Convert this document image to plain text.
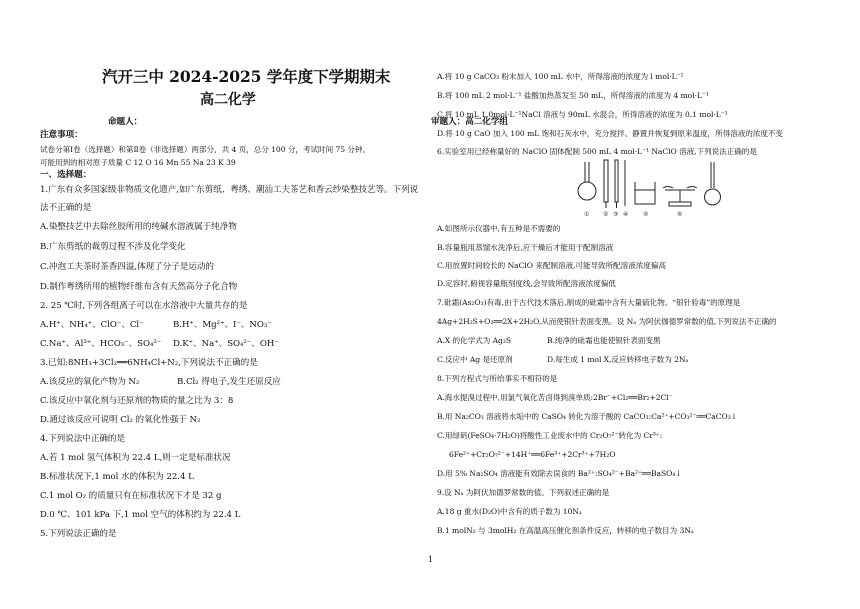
汽开三中 2024-2025 学年度下学期期末
高二化学
命题人：
注意事项：
试卷分第Ⅰ卷（选择题）和第Ⅱ卷（非选择题）两部分，共 4 页，总分 100 分，考试时间 75 分钟。
可能用到的相对原子质量 C 12 O 16 Mn 55 Na 23 K 39
一、选择题：
1.广东有众多国家级非物质文化遗产,如广东剪纸、粤绣、潮汕工夫茶艺和香云纱染整技艺等。下列说
法不正确的是
A.染整技艺中去除丝胶所用的纯碱水溶液属于纯净物
B.广东剪纸的裁剪过程不涉及化学变化
C.冲泡工夫茶时茶香四溢,体现了分子是运动的
D.制作粤绣所用的植物纤维布含有天然高分子化合物
2. 25 ℃时,下列各组离子可以在水溶液中大量共存的是
A.H⁺、NH₄⁺、ClO⁻、Cl⁻	B.H⁺、Mg²⁺、I⁻、NO₃⁻
C.Na⁺、Al³⁺、HCO₃⁻、SO₄²⁻ D.K⁺、Na⁺、SO₄²⁻、OH⁻
3.已知:8NH₃+3Cl₂══6NH₄Cl+N₂,下列说法不正确的是
A.该反应的氧化产物为 N₂	B.Cl₂ 得电子,发生还原反应
C.该反应中氧化剂与还原剂的物质的量之比为 3：8
D.通过该反应可说明 Cl₂ 的氧化性强于 N₂
4.下列说法中正确的是
A.若 1 mol 氢气体积为 22.4 L,则一定是标准状况
B.标准状况下,1 mol 水的体积为 22.4 L
C.1 mol O₂ 的质量只有在标准状况下才是 32 g
D.0 ℃、101 kPa 下,1 mol 空气的体积约为 22.4 L
5.下列说法正确的是
审题人：高二化学组
A.将 10 g CaCO₃ 粉末加入 100 mL 水中，所得溶液的浓度为 l mol·L⁻¹
B.将 100 mL 2 mol·L⁻¹ 盐酸加热蒸发至 50 mL，所得溶液的浓度为 4 mol·L⁻¹
C.将 10 mL 1.0mol·L⁻¹NaCl 溶液与 90mL 水混合，所得溶液的浓度为 0.1 mol·L⁻¹
D.将 10 g CaO 加入 100 mL 饱和石灰水中，充分搅拌、静置并恢复到原来温度，所得溶液的浓度不变
6.实验室用已经称量好的 NaClO 固体配制 500 mL 4 mol·L⁻¹ NaClO 溶液,下列说法正确的是
① ② ③ ④ ⑤	⑥
A.如图所示仪器中,有五种是不需要的
B.容量瓶用蒸馏水洗净后,应干燥后才能用于配制溶液
C.用放置时间较长的 NaClO 来配制溶液,可能导致所配溶液浓度偏高
D.定容时,俯视容量瓶刻度线,会导致所配溶液浓度偏低
7.砒霜(As₂O₃)有毒,由于古代技术落后,制成的砒霜中含有大量硫化物。“银针验毒”的原理是
4Ag+2H₂S+O₂══2X+2H₂O,从而使银针表面变黑。设 Nₐ 为阿伏伽德罗常数的值,下列说法不正确的
A.X 的化学式为 Ag₂S	B.纯净的砒霜也能使银针表面变黑
C.反应中 Ag 是还原剂	D.每生成 1 mol X,反应转移电子数为 2Nₐ
8.下列方程式与所给事实不相符的是
A.海水提溴过程中,用氯气氧化苦卤得到溴单质:2Br⁻+Cl₂══Br₂+2Cl⁻
B.用 Na₂CO₃ 溶液将水垢中的 CaSO₄ 转化为溶于酸的 CaCO₃:Ca²⁺+CO₃²⁻══CaCO₃↓
C.用绿矾(FeSO₄·7H₂O)将酸性工业废水中的 Cr₂O₇²⁻转化为 Cr³⁺:
6Fe²⁺+Cr₂O₇²⁻+14H⁺══6Fe³⁺+2Cr³⁺+7H₂O
D.用 5% Na₂SO₄ 溶液能有效除去误食的 Ba²⁺:SO₄²⁻+Ba²⁺══BaSO₄↓
9.设 Nₐ 为阿伏加德罗常数的值。下列叙述正确的是
A.18 g 重水(D₂O)中含有的质子数为 10Nₐ
B.1 molN₂ 与 3molH₂ 在高温高压催化剂条件反应，转移的电子数目为 3Nₐ
1
